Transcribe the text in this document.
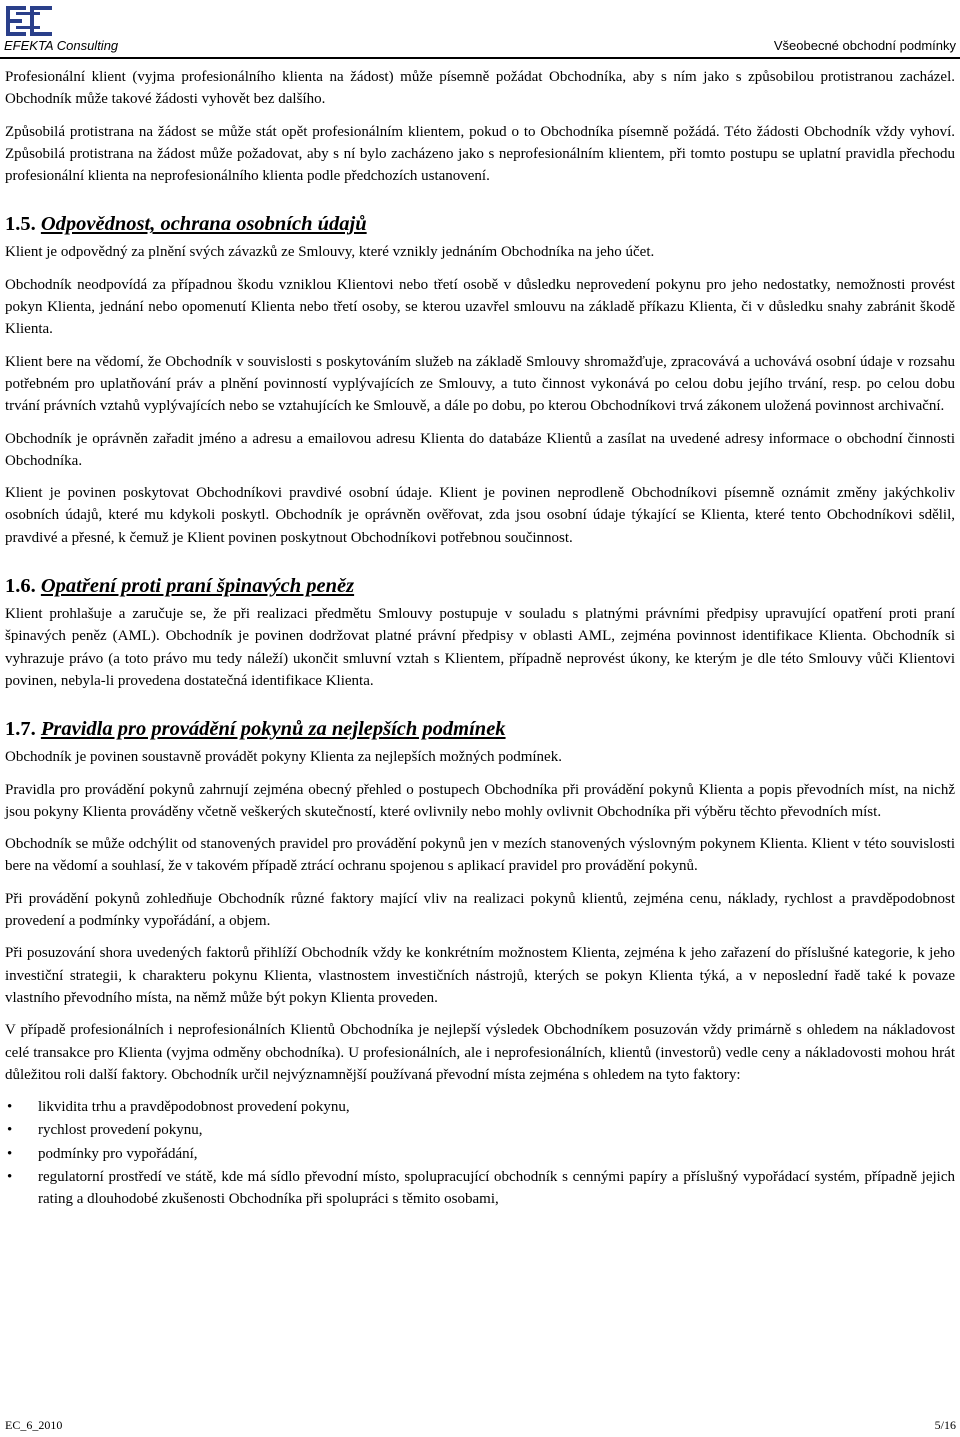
EFEKTA Consulting	Všeobecné obchodní podmínky

Profesionální klient (vyjma profesionálního klienta na žádost) může písemně požádat Obchodníka, aby s ním jako s způsobilou protistranou zacházel. Obchodník může takové žádosti vyhovět bez dalšího.

Způsobilá protistrana na žádost se může stát opět profesionálním klientem, pokud o to Obchodníka písemně požádá. Této žádosti Obchodník vždy vyhoví. Způsobilá protistrana na žádost může požadovat, aby s ní bylo zacházeno jako s neprofesionálním klientem, při tomto postupu se uplatní pravidla přechodu profesionální klienta na neprofesionálního klienta podle předchozích ustanovení.

1.5. Odpovědnost, ochrana osobních údajů

Klient je odpovědný za plnění svých závazků ze Smlouvy, které vznikly jednáním Obchodníka na jeho účet.

Obchodník neodpovídá za případnou škodu vzniklou Klientovi nebo třetí osobě v důsledku neprovedení pokynu pro jeho nedostatky, nemožnosti provést pokyn Klienta, jednání nebo opomenutí Klienta nebo třetí osoby, se kterou uzavřel smlouvu na základě příkazu Klienta, či v důsledku snahy zabránit škodě Klienta.

Klient bere na vědomí, že Obchodník v souvislosti s poskytováním služeb na základě Smlouvy shromažďuje, zpracovává a uchovává osobní údaje v rozsahu potřebném pro uplatňování práv a plnění povinností vyplývajících ze Smlouvy, a tuto činnost vykonává po celou dobu jejího trvání, resp. po celou dobu trvání právních vztahů vyplývajících nebo se vztahujících ke Smlouvě, a dále po dobu, po kterou Obchodníkovi trvá zákonem uložená povinnost archivační.

Obchodník je oprávněn zařadit jméno a adresu a emailovou adresu Klienta do databáze Klientů a zasílat na uvedené adresy informace o obchodní činnosti Obchodníka.

Klient je povinen poskytovat Obchodníkovi pravdivé osobní údaje. Klient je povinen neprodleně Obchodníkovi písemně oznámit změny jakýchkoliv osobních údajů, které mu kdykoli poskytl. Obchodník je oprávněn ověřovat, zda jsou osobní údaje týkající se Klienta, které tento Obchodníkovi sdělil, pravdivé a přesné, k čemuž je Klient povinen poskytnout Obchodníkovi potřebnou součinnost.

1.6. Opatření proti praní špinavých peněz

Klient prohlašuje a zaručuje se, že při realizaci předmětu Smlouvy postupuje v souladu s platnými právními předpisy upravující opatření proti praní špinavých peněz (AML). Obchodník je povinen dodržovat platné právní předpisy v oblasti AML, zejména povinnost identifikace Klienta. Obchodník si vyhrazuje právo (a toto právo mu tedy náleží) ukončit smluvní vztah s Klientem, případně neprovést úkony, ke kterým je dle této Smlouvy vůči Klientovi povinen, nebyla-li provedena dostatečná identifikace Klienta.

1.7. Pravidla pro provádění pokynů za nejlepších podmínek

Obchodník je povinen soustavně provádět pokyny Klienta za nejlepších možných podmínek.

Pravidla pro provádění pokynů zahrnují zejména obecný přehled o postupech Obchodníka při provádění pokynů Klienta a popis převodních míst, na nichž jsou pokyny Klienta prováděny včetně veškerých skutečností, které ovlivnily nebo mohly ovlivnit Obchodníka při výběru těchto převodních míst.

Obchodník se může odchýlit od stanovených pravidel pro provádění pokynů jen v mezích stanovených výslovným pokynem Klienta. Klient v této souvislosti bere na vědomí a souhlasí, že v takovém případě ztrácí ochranu spojenou s aplikací pravidel pro provádění pokynů.

Při provádění pokynů zohledňuje Obchodník různé faktory mající vliv na realizaci pokynů klientů, zejména cenu, náklady, rychlost a pravděpodobnost provedení a podmínky vypořádání, a objem.

Při posuzování shora uvedených faktorů přihlíží Obchodník vždy ke konkrétním možnostem Klienta, zejména k jeho zařazení do příslušné kategorie, k jeho investiční strategii, k charakteru pokynu Klienta, vlastnostem investičních nástrojů, kterých se pokyn Klienta týká, a v neposlední řadě také k povaze vlastního převodního místa, na němž může být pokyn Klienta proveden.

V případě profesionálních i neprofesionálních Klientů Obchodníka je nejlepší výsledek Obchodníkem posuzován vždy primárně s ohledem na nákladovost celé transakce pro Klienta (vyjma odměny obchodníka). U profesionálních, ale i neprofesionálních, klientů (investorů) vedle ceny a nákladovosti mohou hrát důležitou roli další faktory. Obchodník určil nejvýznamnější používaná převodní místa zejména s ohledem na tyto faktory:

• likvidita trhu a pravděpodobnost provedení pokynu,
• rychlost provedení pokynu,
• podmínky pro vypořádání,
• regulatorní prostředí ve státě, kde má sídlo převodní místo, spolupracující obchodník s cennými papíry a příslušný vypořádací systém, případně jejich rating a dlouhodobé zkušenosti Obchodníka při spolupráci s těmito osobami,
EC_6_2010	5/16
